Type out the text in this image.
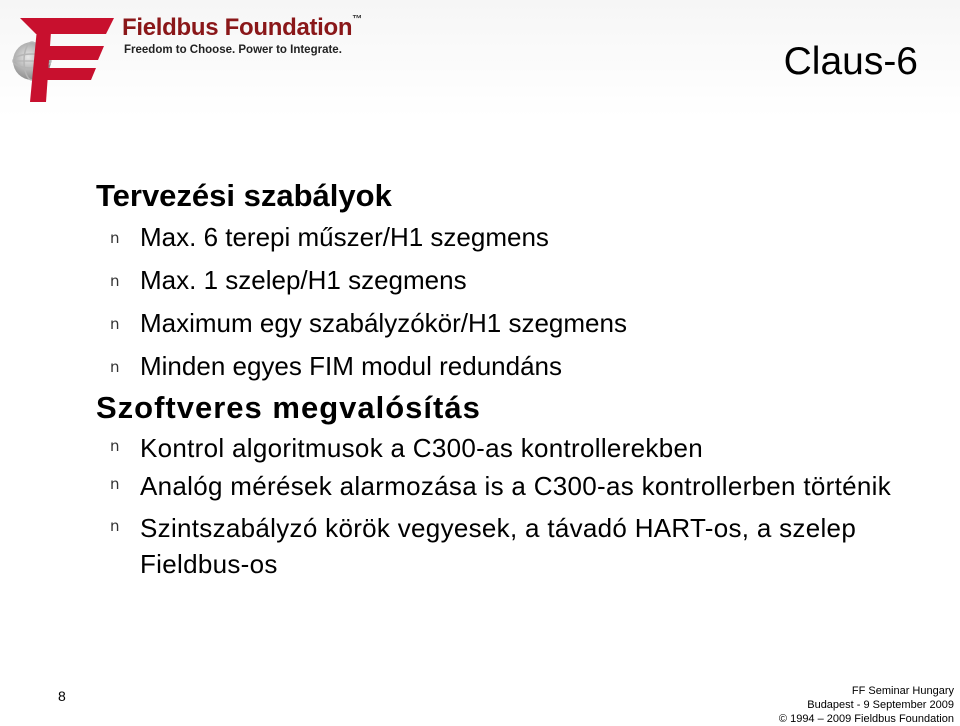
Fieldbus Foundation™
Freedom to Choose. Power to Integrate.	Claus-6
Tervezési szabályok
n Max. 6 terepi műszer/H1 szegmens
n Max. 1 szelep/H1 szegmens
n Maximum egy szabályzókör/H1 szegmens
n Minden egyes FIM modul redundáns
Szoftveres megvalósítás
n Kontrol algoritmusok a C300-as kontrollerekben
n Analóg mérések alarmozása is a C300-as kontrollerben történik
n Szintszabályzó körök vegyesek, a távadó HART-os, a szelep Fieldbus-os
8	FF Seminar Hungary
Budapest - 9 September 2009
© 1994 – 2009 Fieldbus Foundation
